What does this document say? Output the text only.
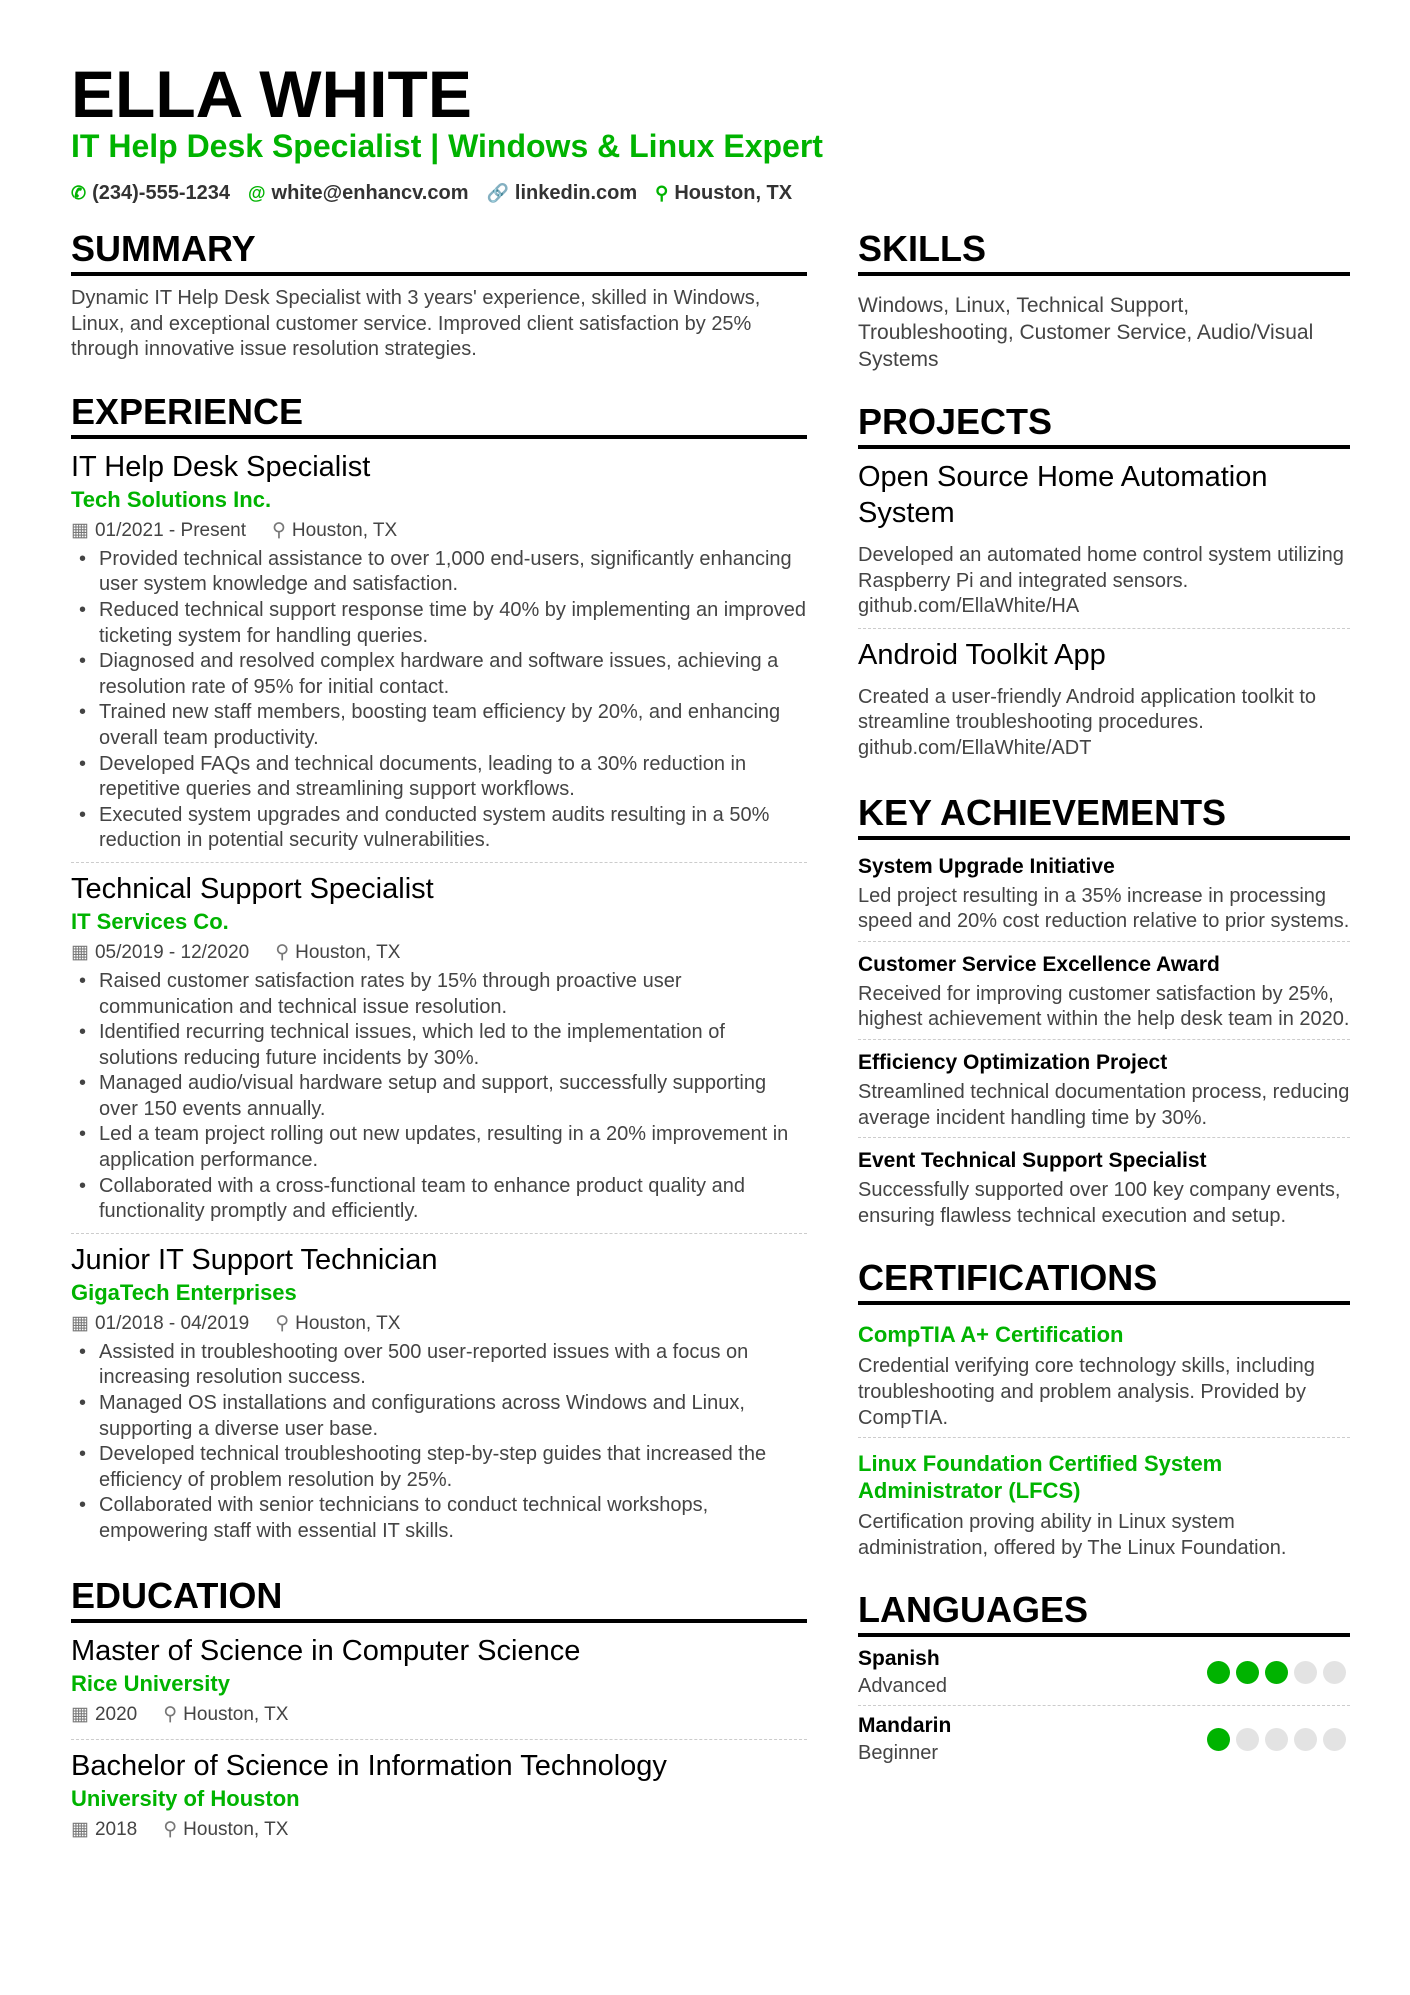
ELLA WHITE
IT Help Desk Specialist | Windows & Linux Expert
✆ (234)-555-1234 @ white@enhancv.com 🔗 linkedin.com ⚲ Houston, TX
SUMMARY

Dynamic IT Help Desk Specialist with 3 years' experience, skilled in Windows, Linux, and exceptional customer service. Improved client satisfaction by 25% through innovative issue resolution strategies.

EXPERIENCE
IT Help Desk Specialist
Tech Solutions Inc.
▦ 01/2021 - Present ⚲ Houston, TX
• Provided technical assistance to over 1,000 end-users, significantly enhancing user system knowledge and satisfaction.
• Reduced technical support response time by 40% by implementing an improved ticketing system for handling queries.
• Diagnosed and resolved complex hardware and software issues, achieving a resolution rate of 95% for initial contact.
• Trained new staff members, boosting team efficiency by 20%, and enhancing overall team productivity.
• Developed FAQs and technical documents, leading to a 30% reduction in repetitive queries and streamlining support workflows.
• Executed system upgrades and conducted system audits resulting in a 50% reduction in potential security vulnerabilities.
Technical Support Specialist
IT Services Co.
▦ 05/2019 - 12/2020 ⚲ Houston, TX
• Raised customer satisfaction rates by 15% through proactive user communication and technical issue resolution.
• Identified recurring technical issues, which led to the implementation of solutions reducing future incidents by 30%.
• Managed audio/visual hardware setup and support, successfully supporting over 150 events annually.
• Led a team project rolling out new updates, resulting in a 20% improvement in application performance.
• Collaborated with a cross-functional team to enhance product quality and functionality promptly and efficiently.
Junior IT Support Technician
GigaTech Enterprises
▦ 01/2018 - 04/2019 ⚲ Houston, TX
• Assisted in troubleshooting over 500 user-reported issues with a focus on increasing resolution success.
• Managed OS installations and configurations across Windows and Linux, supporting a diverse user base.
• Developed technical troubleshooting step-by-step guides that increased the efficiency of problem resolution by 25%.
• Collaborated with senior technicians to conduct technical workshops, empowering staff with essential IT skills.
EDUCATION
Master of Science in Computer Science
Rice University
▦ 2020 ⚲ Houston, TX
Bachelor of Science in Information Technology
University of Houston
▦ 2018 ⚲ Houston, TX
SKILLS

Windows, Linux, Technical Support, Troubleshooting, Customer Service, Audio/Visual Systems

PROJECTS
Open Source Home Automation System

Developed an automated home control system utilizing Raspberry Pi and integrated sensors.

github.com/EllaWhite/HA

Android Toolkit App

Created a user-friendly Android application toolkit to streamline troubleshooting procedures.

github.com/EllaWhite/ADT

KEY ACHIEVEMENTS
System Upgrade Initiative

Led project resulting in a 35% increase in processing speed and 20% cost reduction relative to prior systems.

Customer Service Excellence Award

Received for improving customer satisfaction by 25%, highest achievement within the help desk team in 2020.

Efficiency Optimization Project

Streamlined technical documentation process, reducing average incident handling time by 30%.

Event Technical Support Specialist

Successfully supported over 100 key company events, ensuring flawless technical execution and setup.

CERTIFICATIONS
CompTIA A+ Certification

Credential verifying core technology skills, including troubleshooting and problem analysis. Provided by CompTIA.

Linux Foundation Certified System Administrator (LFCS)

Certification proving ability in Linux system administration, offered by The Linux Foundation.

LANGUAGES
Spanish
Advanced
Mandarin
Beginner
